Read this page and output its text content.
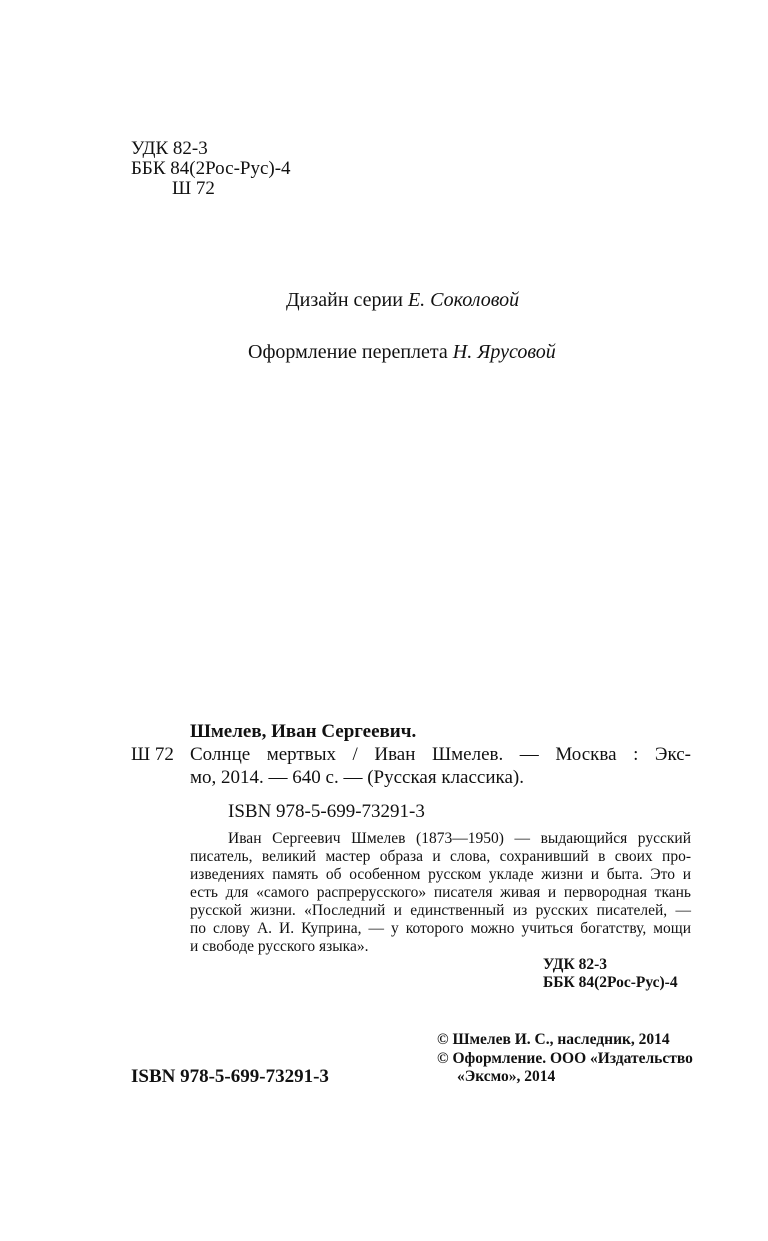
УДК 82-3
ББК 84(2Рос-Рус)-4
Ш 72
Дизайн серии Е. Соколовой
Оформление переплета Н. Ярусовой
Шмелев, Иван Сергеевич.
Ш 72 Солнце мертвых / Иван Шмелев. — Москва : Экс-
мо, 2014. — 640 с. — (Русская классика).
ISBN 978-5-699-73291-3
Иван Сергеевич Шмелев (1873—1950) — выдающийся русский
писатель, великий мастер образа и слова, сохранивший в своих про-
изведениях память об особенном русском укладе жизни и быта. Это и
есть для «самого распрерусского» писателя живая и первородная ткань
русской жизни. «Последний и единственный из русских писателей, —
по слову А. И. Куприна, — у которого можно учиться богатству, мощи
и свободе русского языка».
УДК 82-3
ББК 84(2Рос-Рус)-4
© Шмелев И. С., наследник, 2014
© Оформление. ООО «Издательство
«Эксмо», 2014
ISBN 978-5-699-73291-3
